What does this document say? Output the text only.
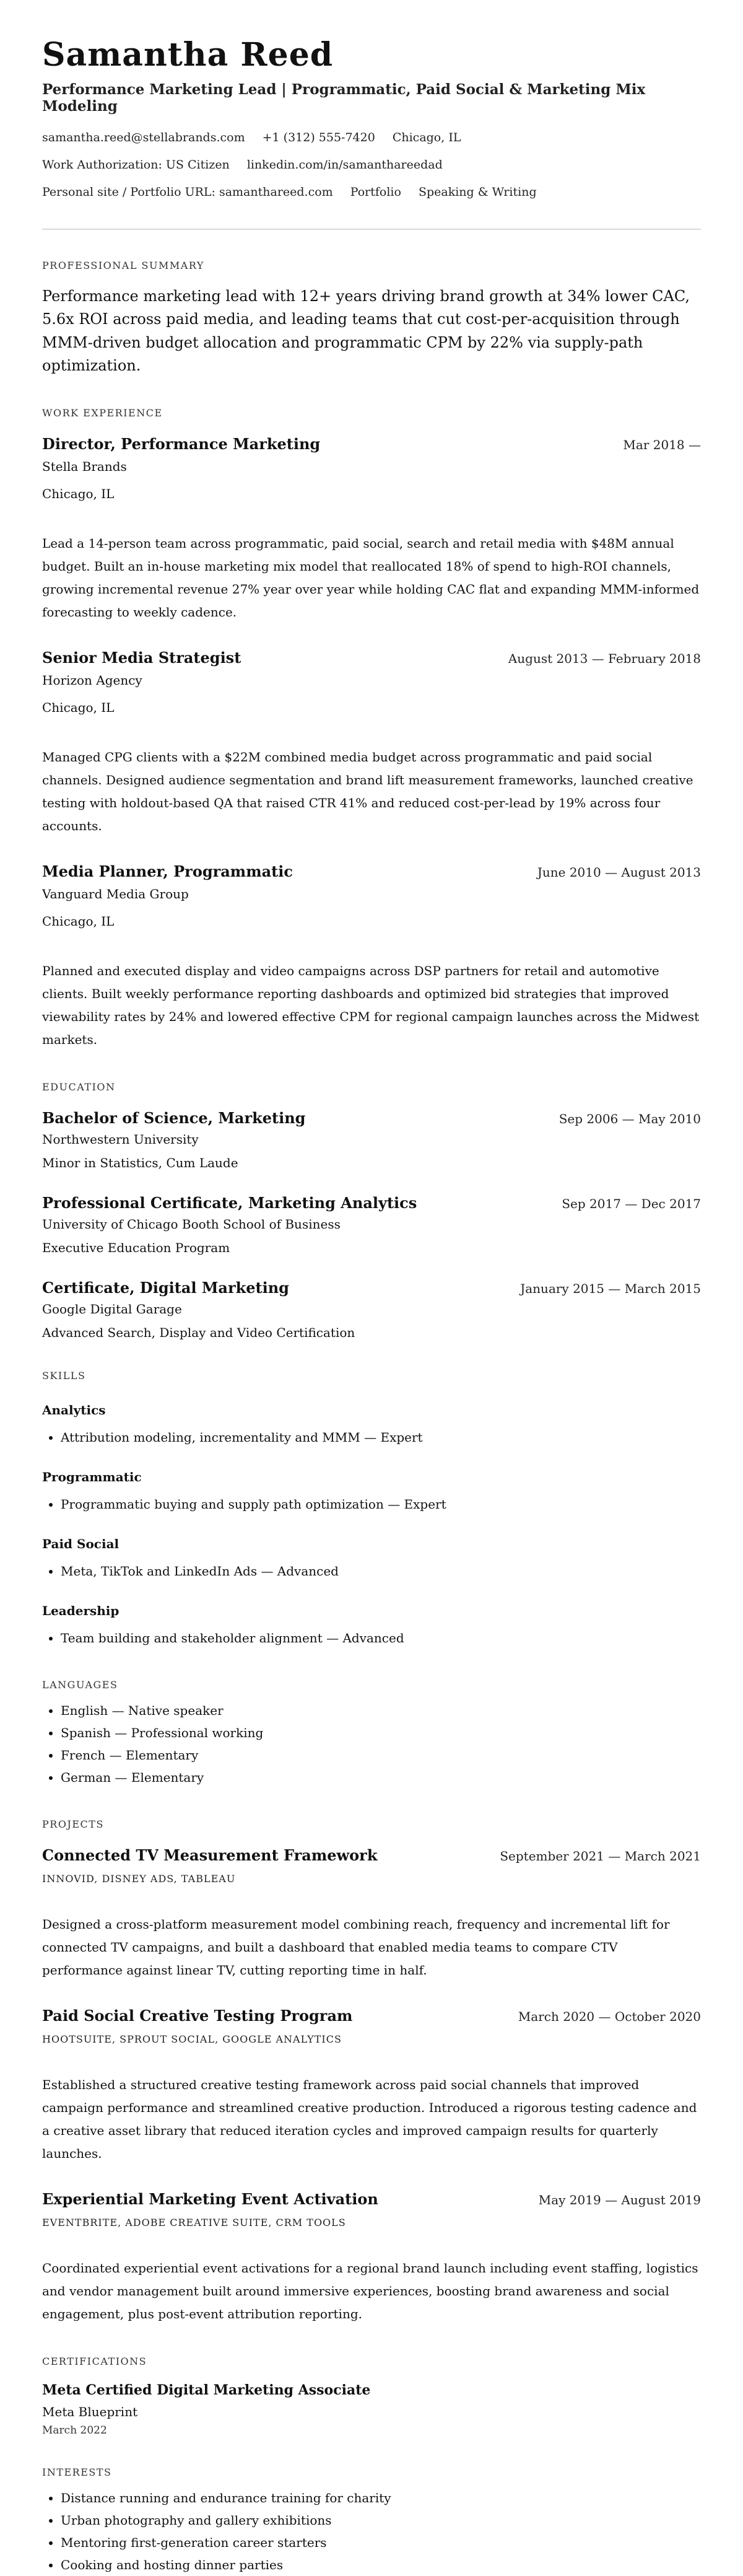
Samantha Reed
Performance Marketing Lead | Programmatic, Paid Social & Marketing Mix Modeling
samantha.reed@stellabrands.com +1 (312) 555-7420 Chicago, IL
Work Authorization: US Citizen linkedin.com/in/samanthareedad
Personal site / Portfolio URL: samanthareed.com Portfolio Speaking & Writing
PROFESSIONAL SUMMARY
Performance marketing lead with 12+ years driving brand growth at 34% lower CAC, 5.6x ROI across paid media, and leading teams that cut cost-per-acquisition through MMM-driven budget allocation and programmatic CPM by 22% via supply-path optimization.
WORK EXPERIENCE
Director, Performance Marketing	Mar 2018 —
Stella Brands
Chicago, IL
Lead a 14-person team across programmatic, paid social, search and retail media with $48M annual budget. Built an in-house marketing mix model that reallocated 18% of spend to high-ROI channels, growing incremental revenue 27% year over year while holding CAC flat and expanding MMM-informed forecasting to weekly cadence.
Senior Media Strategist	August 2013 — February 2018
Horizon Agency
Chicago, IL
Managed CPG clients with a $22M combined media budget across programmatic and paid social channels. Designed audience segmentation and brand lift measurement frameworks, launched creative testing with holdout-based QA that raised CTR 41% and reduced cost-per-lead by 19% across four accounts.
Media Planner, Programmatic	June 2010 — August 2013
Vanguard Media Group
Chicago, IL
Planned and executed display and video campaigns across DSP partners for retail and automotive clients. Built weekly performance reporting dashboards and optimized bid strategies that improved viewability rates by 24% and lowered effective CPM for regional campaign launches across the Midwest markets.
EDUCATION
Bachelor of Science, Marketing	Sep 2006 — May 2010
Northwestern University
Minor in Statistics, Cum Laude
Professional Certificate, Marketing Analytics	Sep 2017 — Dec 2017
University of Chicago Booth School of Business
Executive Education Program
Certificate, Digital Marketing	January 2015 — March 2015
Google Digital Garage
Advanced Search, Display and Video Certification
SKILLS
Analytics
• Attribution modeling, incrementality and MMM — Expert
Programmatic
• Programmatic buying and supply path optimization — Expert
Paid Social
• Meta, TikTok and LinkedIn Ads — Advanced
Leadership
• Team building and stakeholder alignment — Advanced
LANGUAGES
• English — Native speaker
• Spanish — Professional working
• French — Elementary
• German — Elementary
PROJECTS
Connected TV Measurement Framework	September 2021 — March 2021
INNOVID, DISNEY ADS, TABLEAU
Designed a cross-platform measurement model combining reach, frequency and incremental lift for connected TV campaigns, and built a dashboard that enabled media teams to compare CTV performance against linear TV, cutting reporting time in half.
Paid Social Creative Testing Program	March 2020 — October 2020
HOOTSUITE, SPROUT SOCIAL, GOOGLE ANALYTICS
Established a structured creative testing framework across paid social channels that improved campaign performance and streamlined creative production. Introduced a rigorous testing cadence and a creative asset library that reduced iteration cycles and improved campaign results for quarterly launches.
Experiential Marketing Event Activation	May 2019 — August 2019
EVENTBRITE, ADOBE CREATIVE SUITE, CRM TOOLS
Coordinated experiential event activations for a regional brand launch including event staffing, logistics and vendor management built around immersive experiences, boosting brand awareness and social engagement, plus post-event attribution reporting.
CERTIFICATIONS
Meta Certified Digital Marketing Associate
Meta Blueprint
March 2022
INTERESTS
• Distance running and endurance training for charity
• Urban photography and gallery exhibitions
• Mentoring first-generation career starters
• Cooking and hosting dinner parties
